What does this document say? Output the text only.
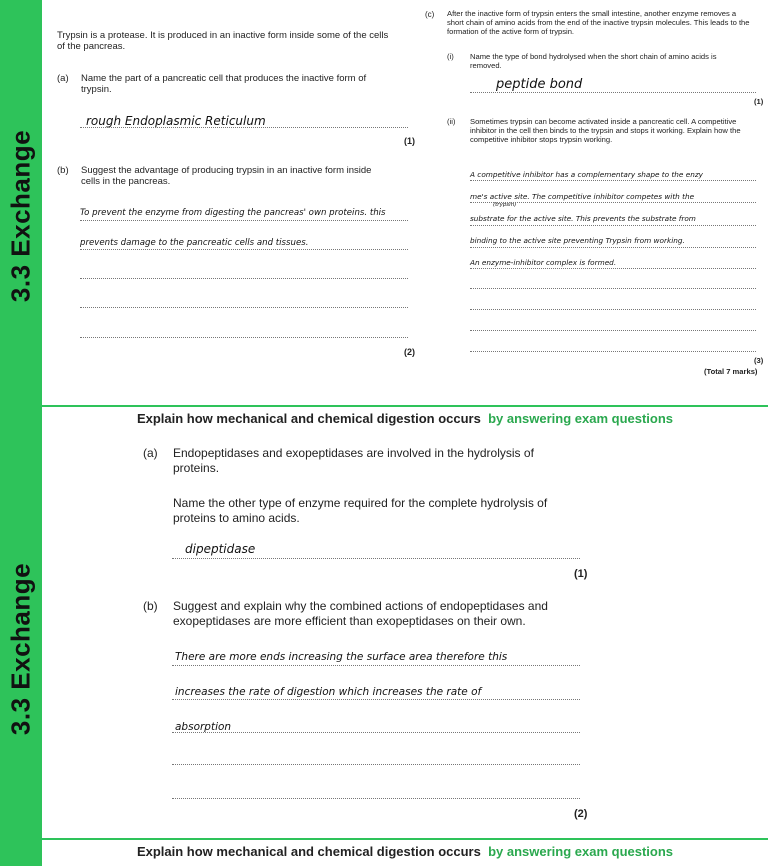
3.3 Exchange
Trypsin is a protease. It is produced in an inactive form inside some of the cells of the pancreas.
(a) Name the part of a pancreatic cell that produces the inactive form of trypsin.
rough Endoplasmic Reticulum
(1)
(b) Suggest the advantage of producing trypsin in an inactive form inside cells in the pancreas.
To prevent the enzyme from digesting the pancreas' own proteins. this
prevents damage to the pancreatic cells and tissues.
(2)
(c) After the inactive form of trypsin enters the small intestine, another enzyme removes a short chain of amino acids from the end of the inactive trypsin molecules. This leads to the formation of the active form of trypsin.
(i) Name the type of bond hydrolysed when the short chain of amino acids is removed.
peptide bond
(1)
(ii) Sometimes trypsin can become activated inside a pancreatic cell. A competitive inhibitor in the cell then binds to the trypsin and stops it working. Explain how the competitive inhibitor stops trypsin working.
A competitive inhibitor has a complementary shape to the enzy
me's active site. The competitive inhibitor competes with the
(trypsin)
substrate for the active site. This prevents the substrate from
binding to the active site preventing Trypsin from working.
An enzyme-inhibitor complex is formed.
(3)
(Total 7 marks)
Explain how mechanical and chemical digestion occurs by answering exam questions
3.3 Exchange
(a) Endopeptidases and exopeptidases are involved in the hydrolysis of proteins.
Name the other type of enzyme required for the complete hydrolysis of proteins to amino acids.
dipeptidase
(1)
(b) Suggest and explain why the combined actions of endopeptidases and exopeptidases are more efficient than exopeptidases on their own.
There are more ends increasing the surface area therefore this
increases the rate of digestion which increases the rate of
absorption
(2)
Explain how mechanical and chemical digestion occurs by answering exam questions
